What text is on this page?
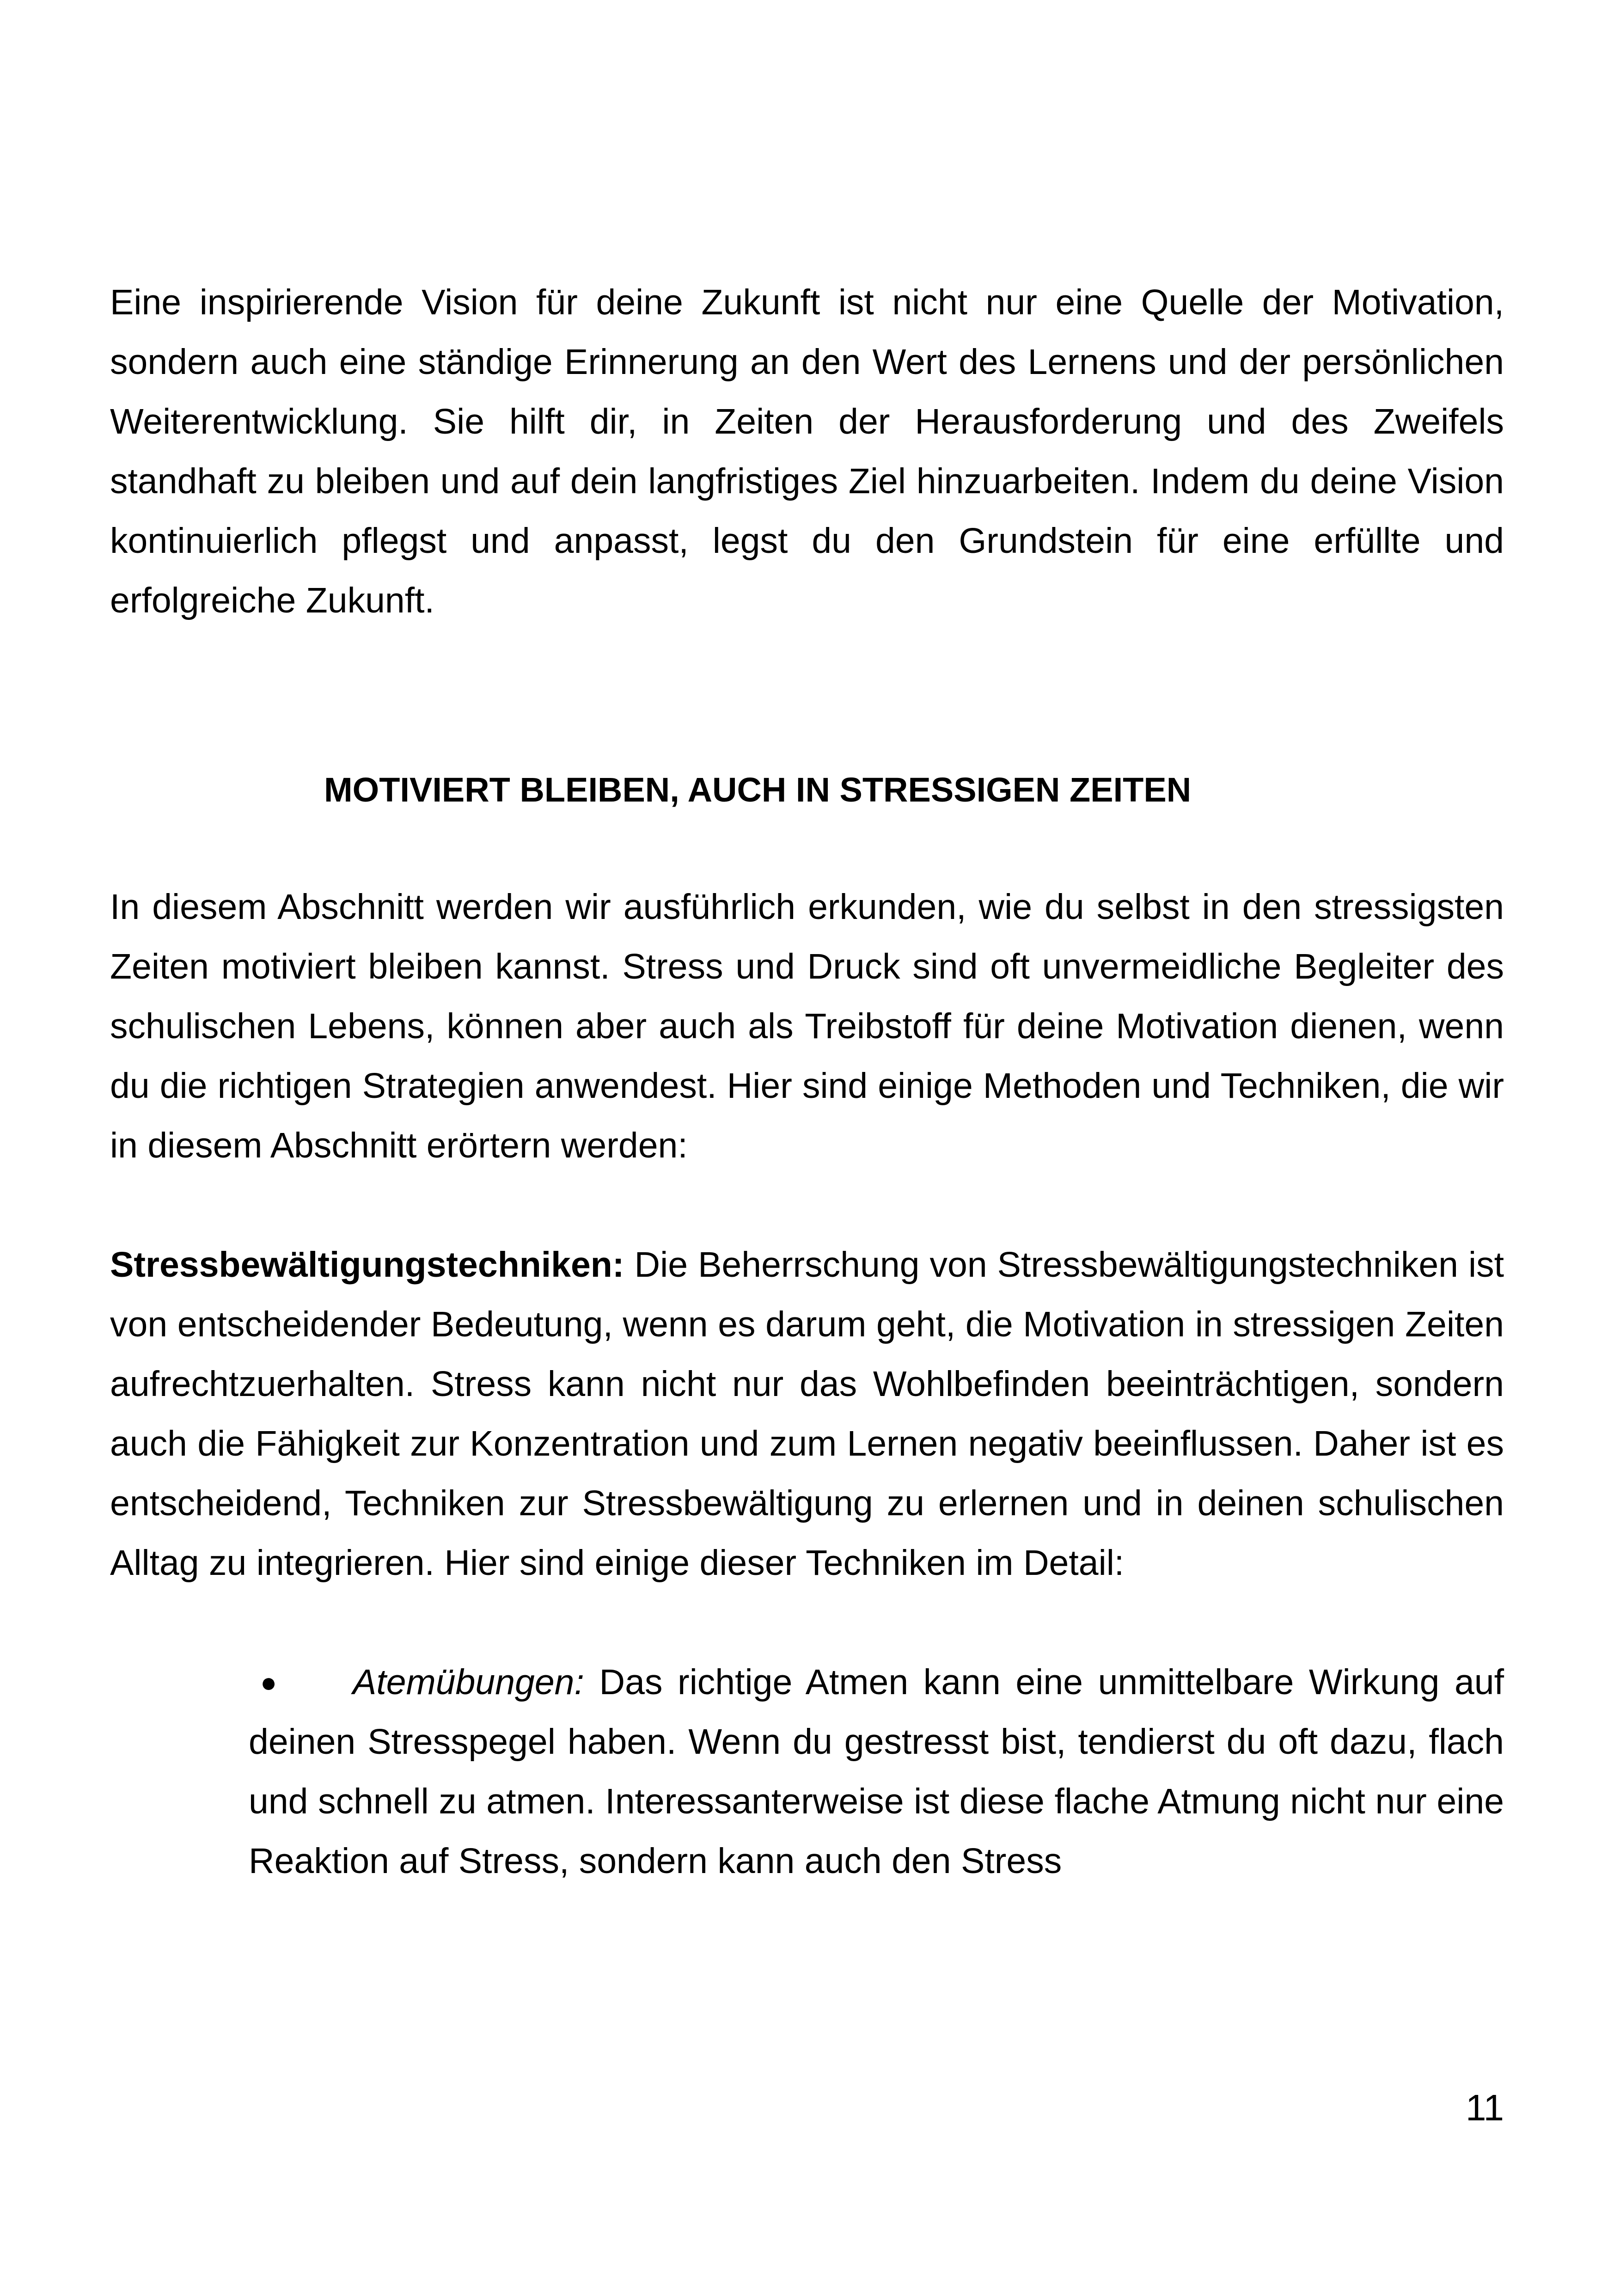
Eine inspirierende Vision für deine Zukunft ist nicht nur eine Quelle der Motivation, sondern auch eine ständige Erinnerung an den Wert des Lernens und der persönlichen Weiterentwicklung. Sie hilft dir, in Zeiten der Herausforderung und des Zweifels standhaft zu bleiben und auf dein langfristiges Ziel hinzuarbeiten. Indem du deine Vision kontinuierlich pflegst und anpasst, legst du den Grundstein für eine erfüllte und erfolgreiche Zukunft.

MOTIVIERT BLEIBEN, AUCH IN STRESSIGEN ZEITEN

In diesem Abschnitt werden wir ausführlich erkunden, wie du selbst in den stressigsten Zeiten motiviert bleiben kannst. Stress und Druck sind oft unvermeidliche Begleiter des schulischen Lebens, können aber auch als Treibstoff für deine Motivation dienen, wenn du die richtigen Strategien anwendest. Hier sind einige Methoden und Techniken, die wir in diesem Abschnitt erörtern werden:

Stressbewältigungstechniken: Die Beherrschung von Stressbewältigungstechniken ist von entscheidender Bedeutung, wenn es darum geht, die Motivation in stressigen Zeiten aufrechtzuerhalten. Stress kann nicht nur das Wohlbefinden beeinträchtigen, sondern auch die Fähigkeit zur Konzentration und zum Lernen negativ beeinflussen. Daher ist es entscheidend, Techniken zur Stressbewältigung zu erlernen und in deinen schulischen Alltag zu integrieren. Hier sind einige dieser Techniken im Detail:

● Atemübungen: Das richtige Atmen kann eine unmittelbare Wirkung auf deinen Stresspegel haben. Wenn du gestresst bist, tendierst du oft dazu, flach und schnell zu atmen. Interessanterweise ist diese flache Atmung nicht nur eine Reaktion auf Stress, sondern kann auch den Stress
11
